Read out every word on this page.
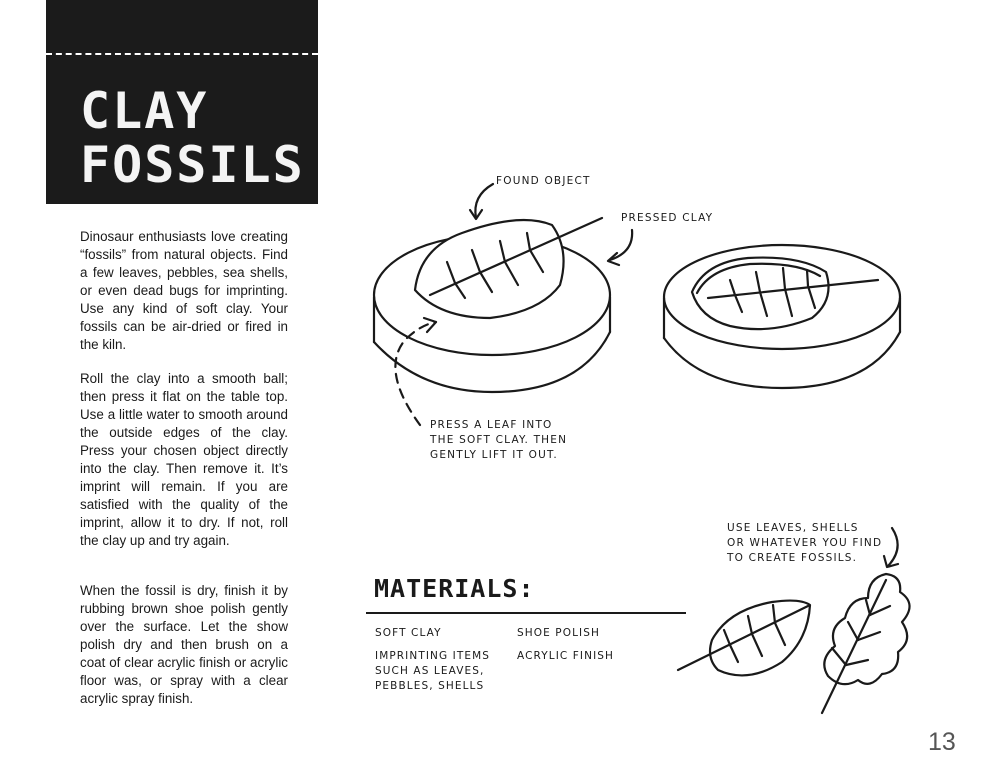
CLAY
FOSSILS

Dinosaur enthusiasts love creating “fossils” from natural objects. Find a few leaves, pebbles, sea shells, or even dead bugs for imprinting. Use any kind of soft clay. Your fossils can be air-dried or fired in the kiln.

Roll the clay into a smooth ball; then press it flat on the table top. Use a little water to smooth around the outside edges of the clay. Press your chosen object directly into the clay. Then remove it. It’s imprint will remain. If you are satisfied with the quality of the imprint, allow it to dry. If not, roll the clay up and try again.

When the fossil is dry, finish it by rubbing brown shoe polish gently over the surface. Let the show polish dry and then brush on a coat of clear acrylic finish or acrylic floor was, or spray with a clear acrylic spray finish.

FOUND OBJECT

PRESSED CLAY

PRESS A LEAF INTO
THE SOFT CLAY. THEN
GENTLY LIFT IT OUT.
USE LEAVES, SHELLS
OR WHATEVER YOU FIND
TO CREATE FOSSILS.
MATERIALS:
SOFT CLAY
IMPRINTING ITEMS
SUCH AS LEAVES,
PEBBLES, SHELLS
SHOE POLISH
ACRYLIC FINISH
13
